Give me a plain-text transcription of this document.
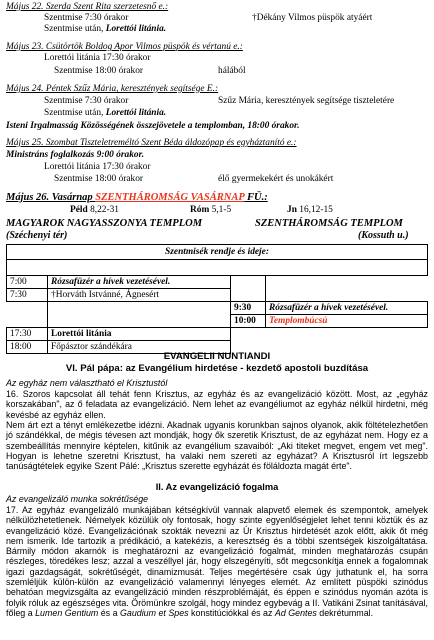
Május 22. Szerda Szent Rita szerzetesnő e.:
Szentmise 7:30 órakor	†Dékány Vilmos püspök atyáért
Szentmise után, Lorettói litánia.
Május 23. Csütörtök Boldog Apor Vilmos püspök és vértanú e.:
Lorettói litánia 17:30 órakor
Szentmise 18:00 órakor	hálából
Május 24. Péntek Szűz Mária, keresztények segítsége E.:
Szentmise 7:30 órakor	Szűz Mária, keresztények segítsége tiszteletére
Szentmise után, Lorettói litánia.
Isteni Irgalmasság Közösségének összejövetele a templomban, 18:00 órakor.
Május 25. Szombat Tiszteletreméltó Szent Béda áldozópap és egyháztanító e.:
Ministráns foglalkozás 9:00 órakor.
Lorettói litánia 17:30 órakor
Szentmise 18:00 órakor	élő gyermekekért és unokákért
Május 26. Vasárnap SZENTHÁROMSÁG VASÁRNAP FÜ.:
Péld 8,22-31	Róm 5,1-5	Jn 16,12-15
MAGYAROK NAGYASSZONYA TEMPLOM
(Széchenyi tér)
SZENTHÁROMSÁG TEMPLOM
(Kossuth u.)
Szentmisék rendje és ideje:			

7:00	Rózsafüzér a hívek vezetésével.		
7:30	†Horváth Istvánné, Ágnesért		
		9:30	Rózsafüzér a hívek vezetésével.
		10:00	Templombúcsú
17:30	Lorettói litánia		
18:00	Főpásztor szándékára		
EVANGELII NUNTIANDI
VI. Pál pápa: az Evangélium hirdetése - kezdető apostoli buzdítása
Az egyház nem választható el Krisztustól
16. Szoros kapcsolat áll tehát fenn Krisztus, az egyház és az evangelizáció között. Most, az „egyház korszakában", az ő feladata az evangelizáció. Nem lehet az evangéliumot az egyház nélkül hirdetni, még kevésbé az egyház ellen.
Nem árt ezt a tényt emlékezetbe idézni. Akadnak ugyanis korunkban sajnos olyanok, akik föltételezhetően jó szándékkal, de mégis tévesen azt mondják, hogy ők szeretik Krisztust, de az egyházat nem. Hogy ez a szembeállítás mennyire képtelen, kitűnik az evangélium szavaiból: „Aki titeket megvet, engem vet meg". Hogyan is lehetne szeretni Krisztust, ha valaki nem szereti az egyházat? A Krisztusról írt legszebb tanúságtételek egyike Szent Pálé: „Krisztus szerette egyházát és föláldozta magát érte".
II. Az evangelizáció fogalma
Az evangelizáló munka sokrétűsége
17. Az egyház evangelizáló munkájában kétségkívül vannak alapvető elemek és szempontok, amelyek nélkülözhetetlenek. Némelyek közülük oly fontosak, hogy szinte egyenlőségjelet lehet tenni köztük és az evangelizáció közé. Evangelizációnak szokták nevezni az Úr Krisztus hirdetését azok előtt, akik őt még nem ismerik. Ide tartozik a prédikáció, a katekézis, a keresztség és a többi szentségek kiszolgáltatása. Bármily módon akarnók is meghatározni az evangelizáció fogalmát, minden meghatározás csupán részleges, töredékes lesz; azzal a veszéllyel jár, hogy elszegényíti, sőt megcsonkítja ennek a fogalomnak igazi gazdagságát, sokrétűségét, dinamizmusát. Teljes megértésére csak úgy juthatunk el, ha sorra szemléljük külön-külön az evangelizáció valamennyi lényeges elemét. Az említett püspöki szinódus behatóan megvizsgálta az evangelizáció minden részproblémáját, és éppen e szinódus nyomán azóta is folyik róluk az egészséges vita. Örömünkre szolgál, hogy mindez egybevág a II. Vatikáni Zsinat tanításával, főleg a Lumen Gentium és a Gaudium et Spes konstitúciókkal és az Ad Gentes dekrétummal.
